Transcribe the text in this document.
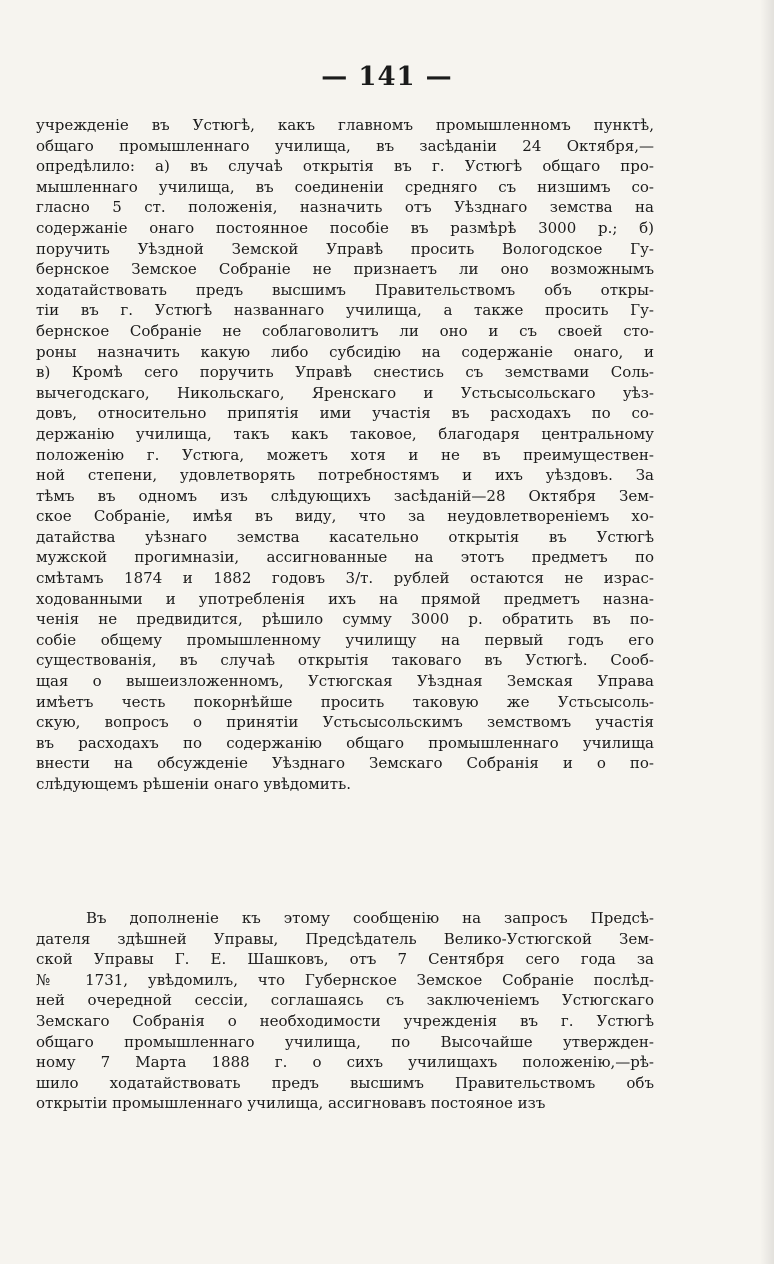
— 141 —
учрежденіе въ Устюгѣ, какъ главномъ промышленномъ пунктѣ,
общаго промышленнаго училища, въ засѣданіи 24 Октября,—
опредѣлило: а) въ случаѣ открытія въ г. Устюгѣ общаго про-
мышленнаго училища, въ соединеніи средняго съ низшимъ со-
гласно 5 ст. положенія, назначить отъ Уѣзднаго земства на
содержаніе онаго постоянное пособіе въ размѣрѣ 3000 р.; б)
поручить Уѣздной Земской Управѣ просить Вологодское Гу-
бернское Земское Собраніе не признаетъ ли оно возможнымъ
ходатайствовать предъ высшимъ Правительствомъ объ откры-
тіи въ г. Устюгѣ названнаго училища, а также просить Гу-
бернское Собраніе не соблаговолитъ ли оно и съ своей сто-
роны назначить какую либо субсидію на содержаніе онаго, и
в) Кромѣ сего поручить Управѣ снестись съ земствами Соль-
вычегодскаго, Никольскаго, Яренскаго и Устьсысольскаго уѣз-
довъ, относительно припятія ими участія въ расходахъ по со-
держанію училища, такъ какъ таковое, благодаря центральному
положенію г. Устюга, можетъ хотя и не въ преимуществен-
ной степени, удовлетворять потребностямъ и ихъ уѣздовъ. За
тѣмъ въ одномъ изъ слѣдующихъ засѣданій—28 Октября Зем-
ское Собраніе, имѣя въ виду, что за неудовлетвореніемъ хо-
датайства уѣзнаго земства касательно открытія въ Устюгѣ
мужской прогимназіи, ассигнованные на этотъ предметъ по
смѣтамъ 1874 и 1882 годовъ 3/т. рублей остаются не израс-
ходованными и употребленія ихъ на прямой предметъ назна-
ченія не предвидится, рѣшило сумму 3000 р. обратить въ по-
собіе общему промышленному училищу на первый годъ его
существованія, въ случаѣ открытія таковаго въ Устюгѣ. Сооб-
щая о вышеизложенномъ, Устюгская Уѣздная Земская Управа
имѣетъ честь покорнѣйше просить таковую же Устьсысоль-
скую, вопросъ о принятіи Устьсысольскимъ земствомъ участія
въ расходахъ по содержанію общаго промышленнаго училища
внести на обсужденіе Уѣзднаго Земскаго Собранія и о по-
слѣдующемъ рѣшеніи онаго увѣдомить.
Въ дополненіе къ этому сообщенію на запросъ Предсѣ-
дателя здѣшней Управы, Предсѣдатель Велико-Устюгской Зем-
ской Управы Г. Е. Шашковъ, отъ 7 Сентября сего года за
№ 1731, увѣдомилъ, что Губернское Земское Собраніе послѣд-
ней очередной сессіи, соглашаясь съ заключеніемъ Устюгскаго
Земскаго Собранія о необходимости учрежденія въ г. Устюгѣ
общаго промышленнаго училища, по Высочайше утвержден-
ному 7 Марта 1888 г. о сихъ училищахъ положенію,—рѣ-
шило ходатайствовать предъ высшимъ Правительствомъ объ
открытіи промышленнаго училища, ассигновавъ постояное изъ
